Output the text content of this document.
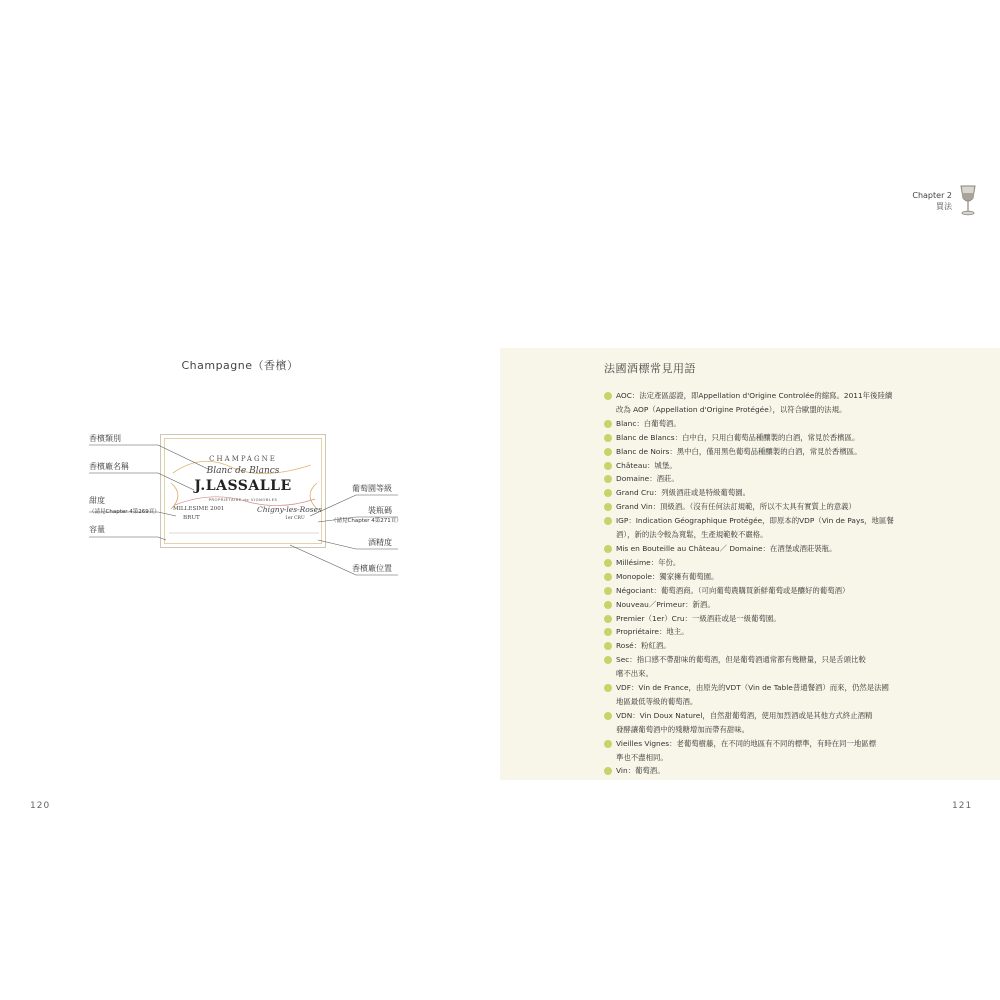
Chapter 2
買法
Champagne（香檳）
CHAMPAGNE
Blanc de Blancs
J.LASSALLE
PROPRIÉTAIRE de VIGNOBLES
MILLESIME 2001
BRUT
Chigny-les-Roses
1er CRU
香檳類別
香檳廠名稱
甜度
（請見Chapter 4第269頁）
容量
葡萄園等級
裝瓶碼
（請見Chapter 4第271頁）
酒精度
香檳廠位置
120
法國酒標常見用語
AOC：法定產區認證，即Appellation d'Origine Controlée的縮寫。2011年後陸續
改為 AOP（Appellation d'Origine Protégée），以符合歐盟的法規。
Blanc：白葡萄酒。
Blanc de Blancs：白中白，只用白葡萄品種釀製的白酒，常見於香檳區。
Blanc de Noirs：黑中白，僅用黑色葡萄品種釀製的白酒，常見於香檳區。
Château：城堡。
Domaine：酒莊。
Grand Cru：列級酒莊或是特級葡萄園。
Grand Vin：頂級酒。（沒有任何法訂規範，所以不太具有實質上的意義）
IGP：Indication Géographique Protégée，即原本的VDP（Vin de Pays，地區餐
酒），新的法令較為寬鬆，生產規範較不嚴格。
Mis en Bouteille au Château／ Domaine：在酒堡或酒莊裝瓶。
Millésime：年份。
Monopole：獨家擁有葡萄園。
Négociant：葡萄酒商。（可向葡萄農購買新鮮葡萄或是釀好的葡萄酒）
Nouveau／Primeur：新酒。
Premier（1er）Cru：一級酒莊或是一級葡萄園。
Propriétaire：地主。
Rosé：粉紅酒。
Sec：指口感不帶甜味的葡萄酒，但是葡萄酒通常都有幾糖量，只是舌頭比較
嚐不出來。
VDF：Vin de France，由原先的VDT（Vin de Table普通餐酒）而來，仍然是法國
地區最低等級的葡萄酒。
VDN：Vin Doux Naturel，自然甜葡萄酒，使用加烈酒或是其他方式終止酒精
發酵讓葡萄酒中的殘糖增加而帶有甜味。
Vieilles Vignes：老葡萄樹藤，在不同的地區有不同的標準，有時在同一地區標
準也不盡相同。
Vin：葡萄酒。
121
